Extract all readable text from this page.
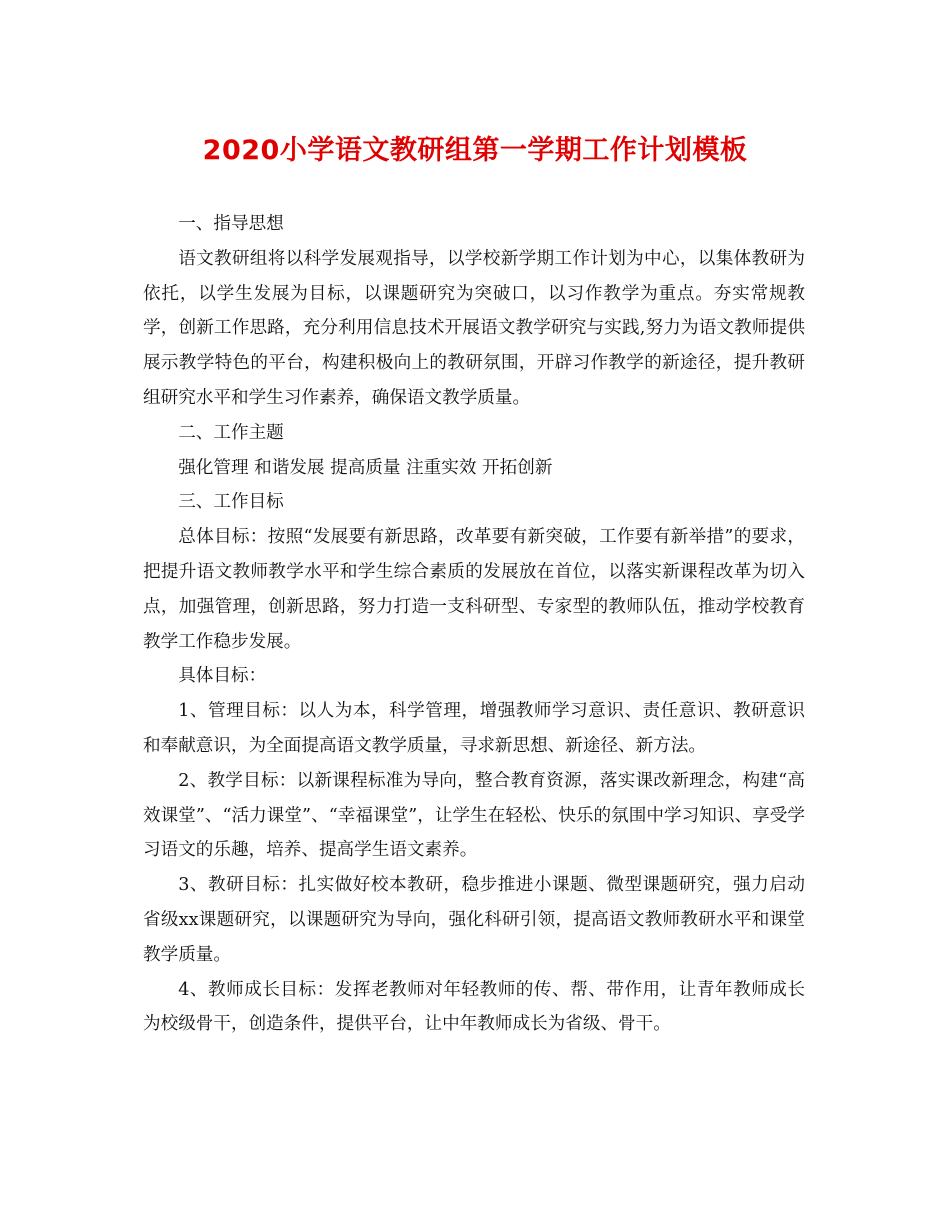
2020小学语文教研组第一学期工作计划模板

一、指导思想

语文教研组将以科学发展观指导，以学校新学期工作计划为中心，以集体教研为依托，以学生发展为目标，以课题研究为突破口，以习作教学为重点。夯实常规教学，创新工作思路，充分利用信息技术开展语文教学研究与实践,努力为语文教师提供展示教学特色的平台，构建积极向上的教研氛围，开辟习作教学的新途径，提升教研组研究水平和学生习作素养，确保语文教学质量。

二、工作主题

强化管理 和谐发展 提高质量 注重实效 开拓创新

三、工作目标

总体目标：按照“发展要有新思路，改革要有新突破，工作要有新举措”的要求，把提升语文教师教学水平和学生综合素质的发展放在首位，以落实新课程改革为切入点，加强管理，创新思路，努力打造一支科研型、专家型的教师队伍，推动学校教育教学工作稳步发展。

具体目标：

1、管理目标：以人为本，科学管理，增强教师学习意识、责任意识、教研意识和奉献意识，为全面提高语文教学质量，寻求新思想、新途径、新方法。

2、教学目标：以新课程标准为导向，整合教育资源，落实课改新理念，构建“高效课堂”、“活力课堂”、“幸福课堂”，让学生在轻松、快乐的氛围中学习知识、享受学习语文的乐趣，培养、提高学生语文素养。

3、教研目标：扎实做好校本教研，稳步推进小课题、微型课题研究，强力启动省级xx课题研究，以课题研究为导向，强化科研引领，提高语文教师教研水平和课堂教学质量。

4、教师成长目标：发挥老教师对年轻教师的传、帮、带作用，让青年教师成长为校级骨干，创造条件，提供平台，让中年教师成长为省级、骨干。
